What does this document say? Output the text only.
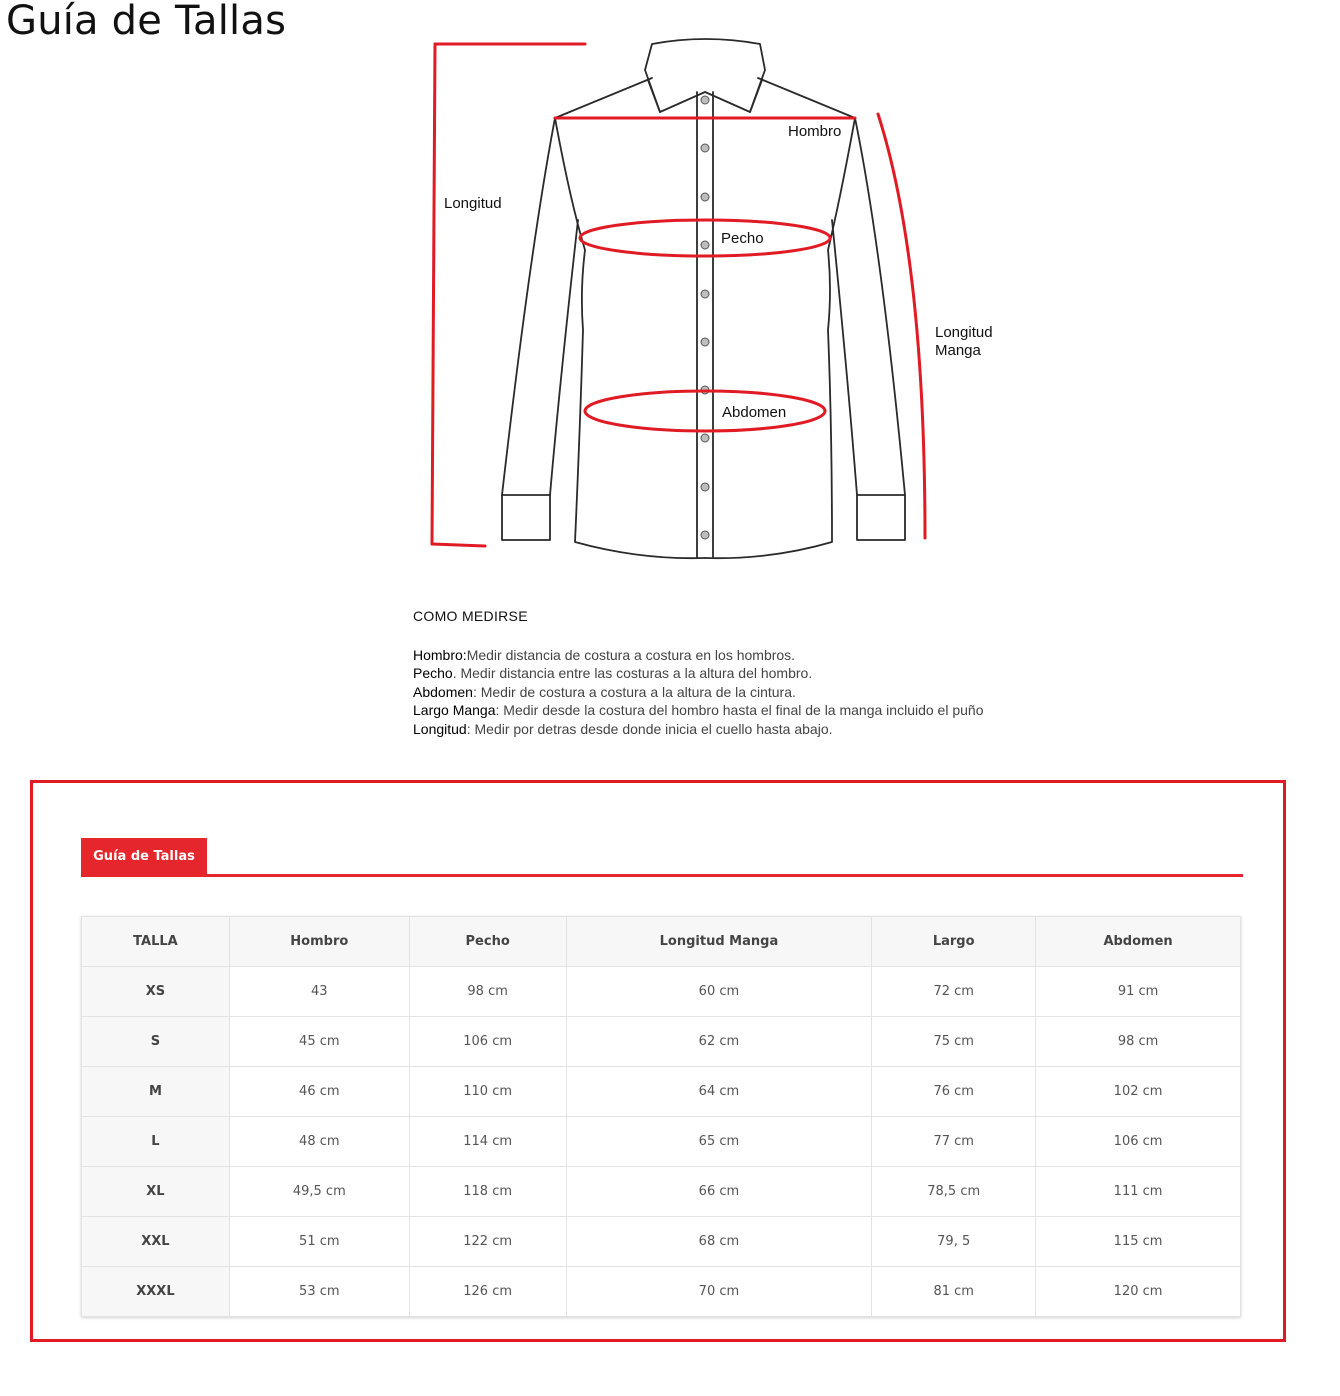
Guía de Tallas
Hombro
Longitud
Pecho
Longitud
Manga
Abdomen
COMO MEDIRSE
Hombro:Medir distancia de costura a costura en los hombros.
Pecho. Medir distancia entre las costuras a la altura del hombro.
Abdomen: Medir de costura a costura a la altura de la cintura.
Largo Manga: Medir desde la costura del hombro hasta el final de la manga incluido el puño
Longitud: Medir por detras desde donde inicia el cuello hasta abajo.
Guía de Tallas
TALLA	Hombro	Pecho	Longitud Manga	Largo	Abdomen
XS	43	98 cm	60 cm	72 cm	91 cm
S	45 cm	106 cm	62 cm	75 cm	98 cm
M	46 cm	110 cm	64 cm	76 cm	102 cm
L	48 cm	114 cm	65 cm	77 cm	106 cm
XL	49,5 cm	118 cm	66 cm	78,5 cm	111 cm
XXL	51 cm	122 cm	68 cm	79, 5	115 cm
XXXL	53 cm	126 cm	70 cm	81 cm	120 cm
